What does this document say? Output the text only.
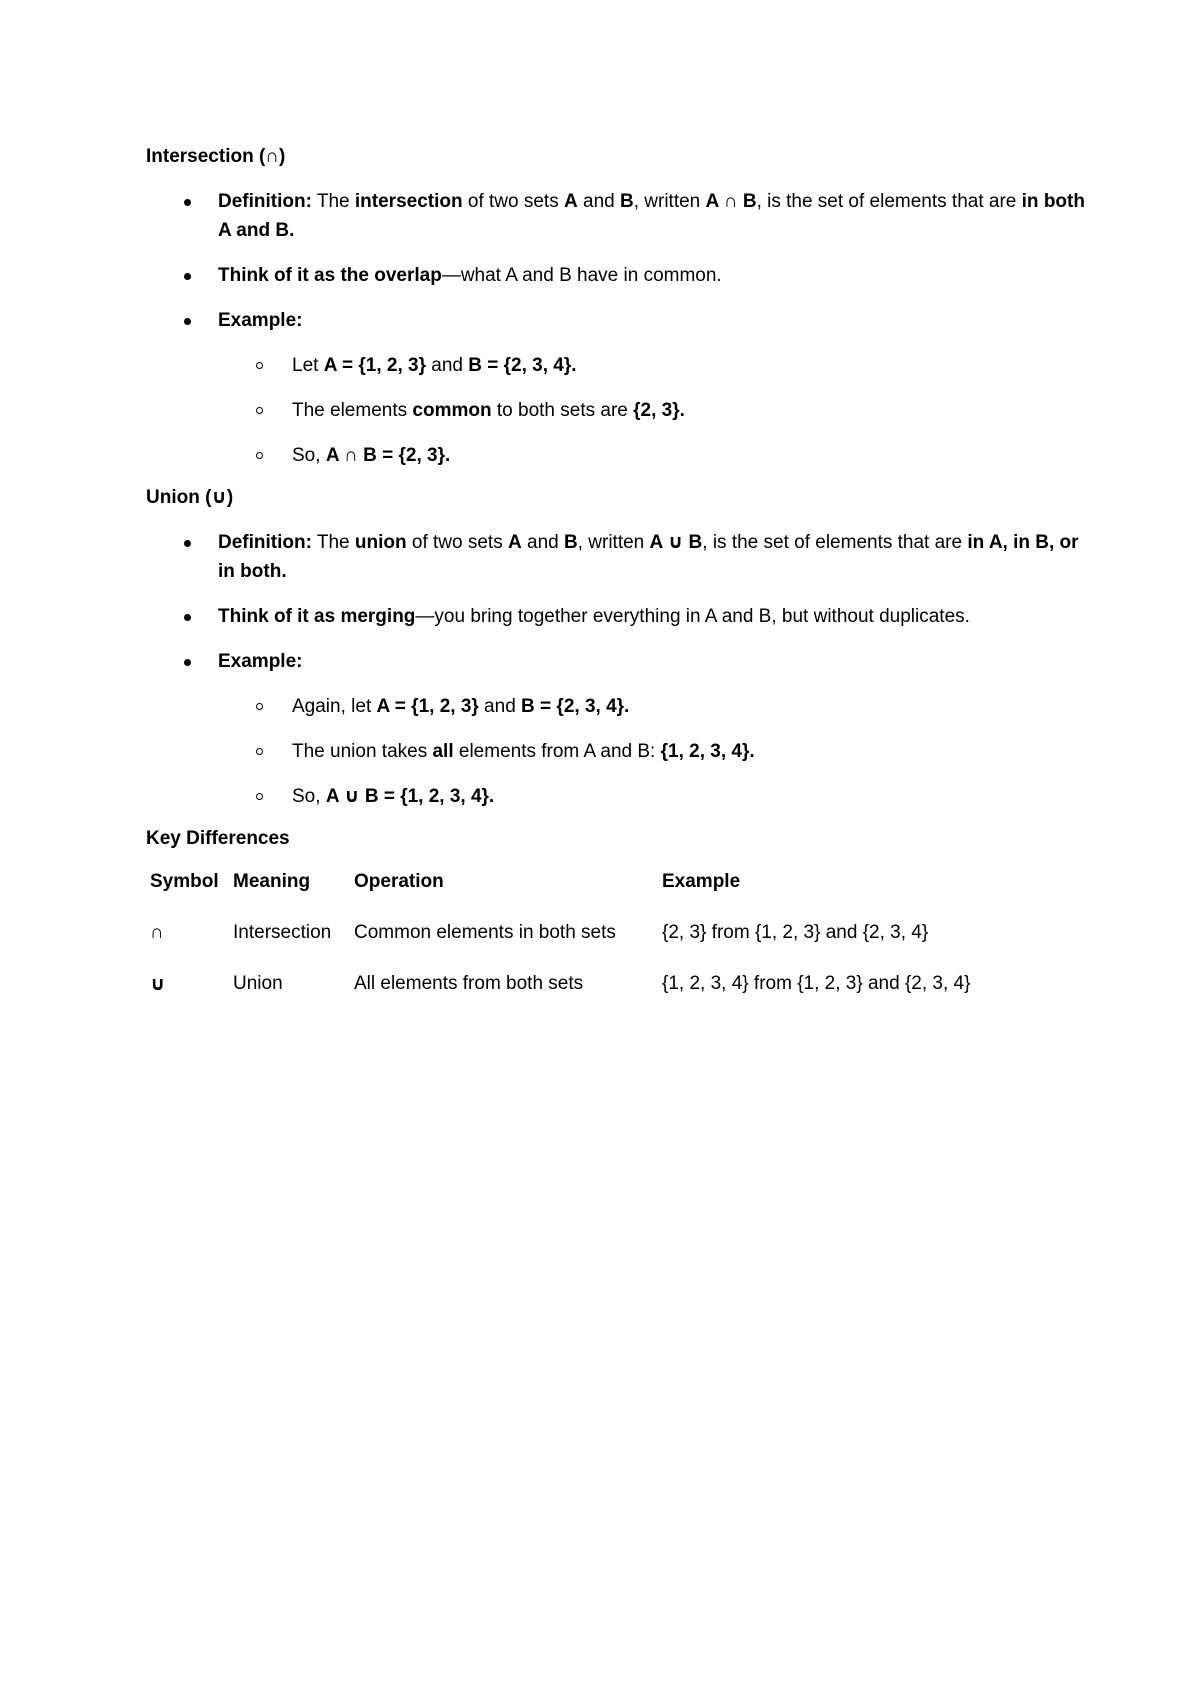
Intersection (∩)

Definition: The intersection of two sets A and B, written A ∩ B, is the set of elements that are in both A and B.
Think of it as the overlap—what A and B have in common.
Example:
Let A = {1, 2, 3} and B = {2, 3, 4}.
The elements common to both sets are {2, 3}.
So, A ∩ B = {2, 3}.

Union (∪)

Definition: The union of two sets A and B, written A ∪ B, is the set of elements that are in A, in B, or in both.
Think of it as merging—you bring together everything in A and B, but without duplicates.
Example:
Again, let A = {1, 2, 3} and B = {2, 3, 4}.
The union takes all elements from A and B: {1, 2, 3, 4}.
So, A ∪ B = {1, 2, 3, 4}.

Key Differences

Symbol	Meaning	Operation	Example
∩	Intersection	Common elements in both sets	{2, 3} from {1, 2, 3} and {2, 3, 4}
∪	Union	All elements from both sets	{1, 2, 3, 4} from {1, 2, 3} and {2, 3, 4}
